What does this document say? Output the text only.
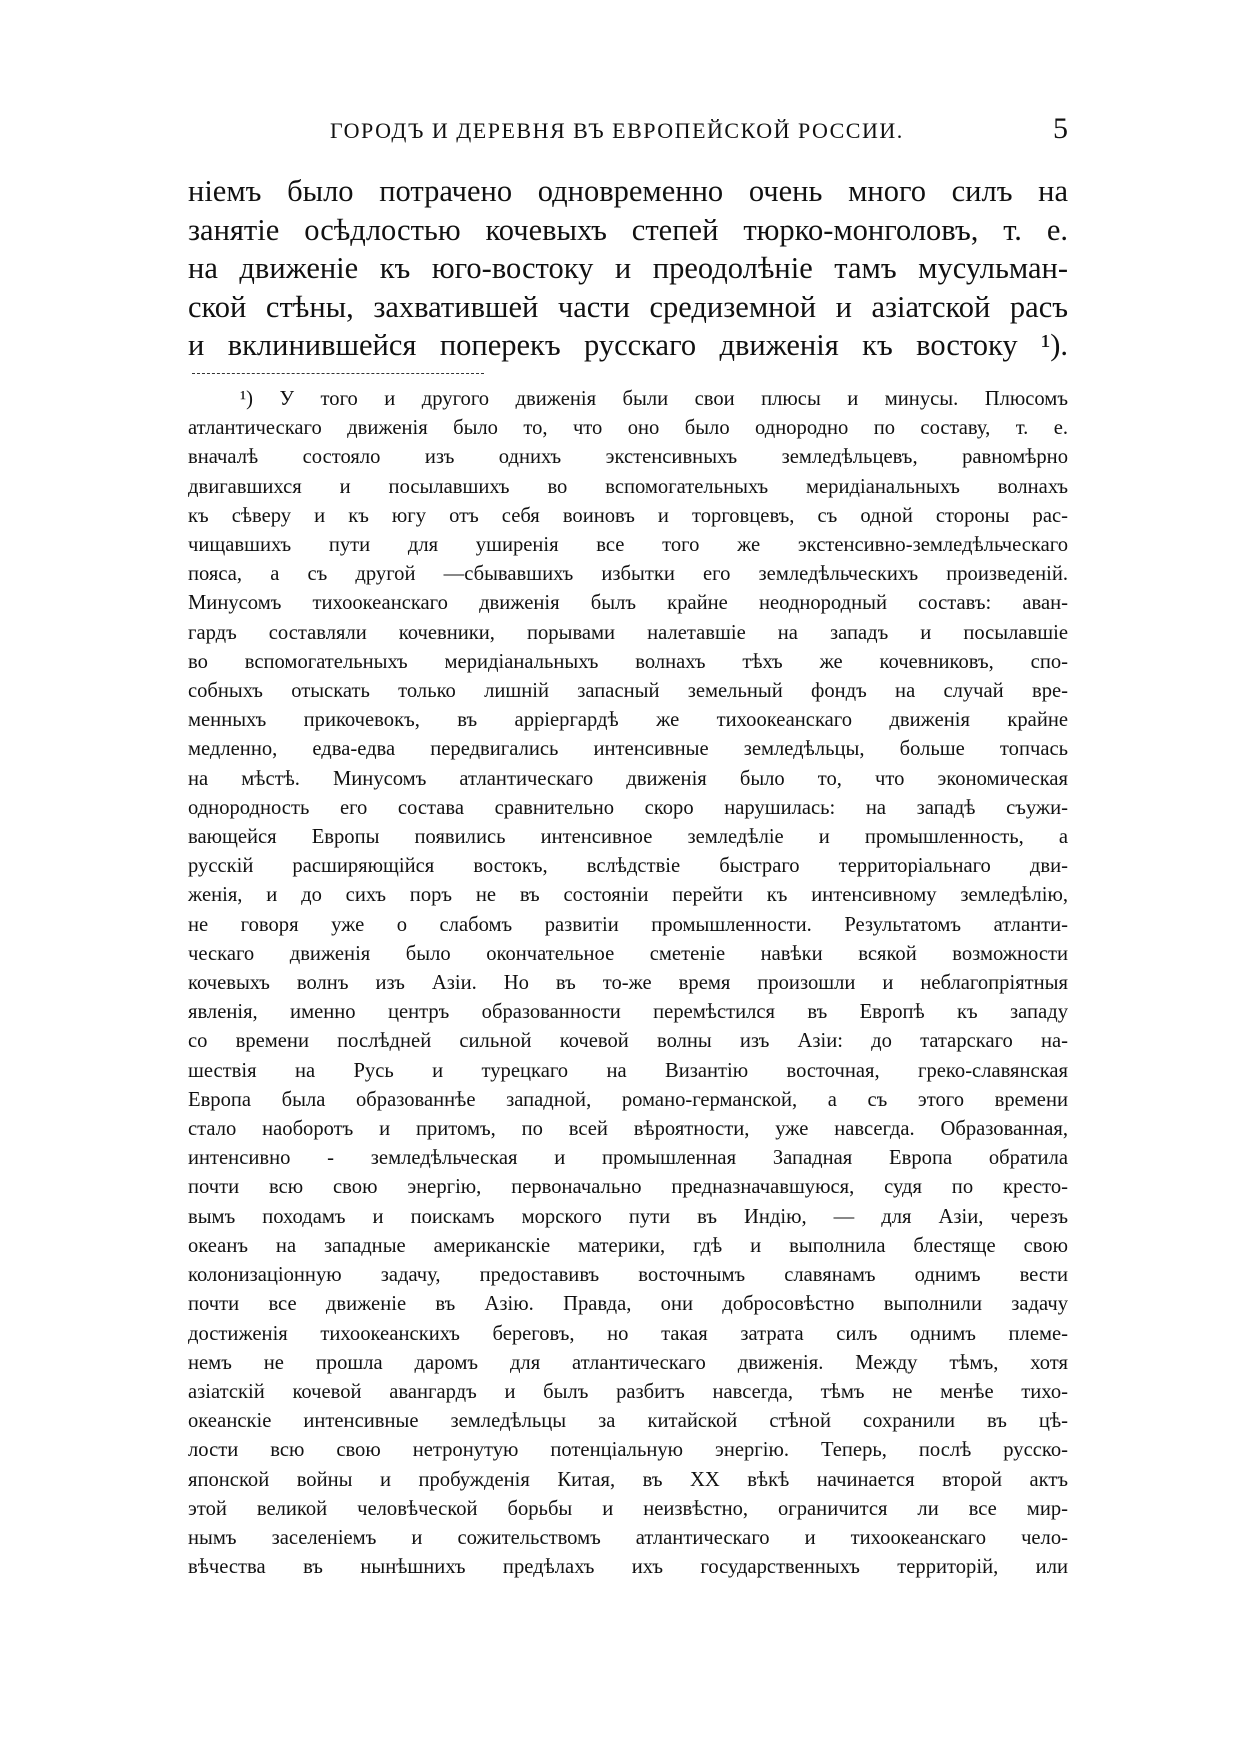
ГОРОДЪ И ДЕРЕВНЯ ВЪ ЕВРОПЕЙСКОЙ РОССИИ.	5
ніемъ было потрачено одновременно очень много силъ на
занятіе осѣдлостью кочевыхъ степей тюрко-монголовъ, т. е.
на движеніе къ юго-востоку и преодолѣніе тамъ мусульман-
ской стѣны, захватившей части средиземной и азіатской расъ
и вклинившейся поперекъ русскаго движенія къ востоку ¹).
¹) У того и другого движенія были свои плюсы и минусы. Плюсомъ
атлантическаго движенія было то, что оно было однородно по составу, т. е.
вначалѣ состояло изъ однихъ экстенсивныхъ земледѣльцевъ, равномѣрно
двигавшихся и посылавшихъ во вспомогательныхъ меридіанальныхъ волнахъ
къ сѣверу и къ югу отъ себя воиновъ и торговцевъ, съ одной стороны рас-
чищавшихъ пути для уширенія все того же экстенсивно-земледѣльческаго
пояса, а съ другой —сбывавшихъ избытки его земледѣльческихъ произведеній.
Минусомъ тихоокеанскаго движенія былъ крайне неоднородный составъ: аван-
гардъ составляли кочевники, порывами налетавшіе на западъ и посылавшіе
во вспомогательныхъ меридіанальныхъ волнахъ тѣхъ же кочевниковъ, спо-
собныхъ отыскать только лишній запасный земельный фондъ на случай вре-
менныхъ прикочевокъ, въ арріергардѣ же тихоокеанскаго движенія крайне
медленно, едва-едва передвигались интенсивные земледѣльцы, больше топчась
на мѣстѣ. Минусомъ атлантическаго движенія было то, что экономическая
однородность его состава сравнительно скоро нарушилась: на западѣ съужи-
вающейся Европы появились интенсивное земледѣліе и промышленность, а
русскій расширяющійся востокъ, вслѣдствіе быстраго территоріальнаго дви-
женія, и до сихъ поръ не въ состояніи перейти къ интенсивному земледѣлію,
не говоря уже о слабомъ развитіи промышленности. Результатомъ атланти-
ческаго движенія было окончательное сметеніе навѣки всякой возможности
кочевыхъ волнъ изъ Азіи. Но въ то-же время произошли и неблагопріятныя
явленія, именно центръ образованности перемѣстился въ Европѣ къ западу
со времени послѣдней сильной кочевой волны изъ Азіи: до татарскаго на-
шествія на Русь и турецкаго на Византію восточная, греко-славянская
Европа была образованнѣе западной, романо-германской, а съ этого времени
стало наоборотъ и притомъ, по всей вѣроятности, уже навсегда. Образованная,
интенсивно - земледѣльческая и промышленная Западная Европа обратила
почти всю свою энергію, первоначально предназначавшуюся, судя по кресто-
вымъ походамъ и поискамъ морского пути въ Индію, — для Азіи, черезъ
океанъ на западные американскіе материки, гдѣ и выполнила блестяще свою
колонизаціонную задачу, предоставивъ восточнымъ славянамъ однимъ вести
почти все движеніе въ Азію. Правда, они добросовѣстно выполнили задачу
достиженія тихоокеанскихъ береговъ, но такая затрата силъ однимъ племе-
немъ не прошла даромъ для атлантическаго движенія. Между тѣмъ, хотя
азіатскій кочевой авангардъ и былъ разбитъ навсегда, тѣмъ не менѣе тихо-
океанскіе интенсивные земледѣльцы за китайской стѣной сохранили въ цѣ-
лости всю свою нетронутую потенціальную энергію. Теперь, послѣ русско-
японской войны и пробужденія Китая, въ XX вѣкѣ начинается второй актъ
этой великой человѣческой борьбы и неизвѣстно, ограничится ли все мир-
нымъ заселеніемъ и сожительствомъ атлантическаго и тихоокеанскаго чело-
вѣчества въ нынѣшнихъ предѣлахъ ихъ государственныхъ территорій, или
